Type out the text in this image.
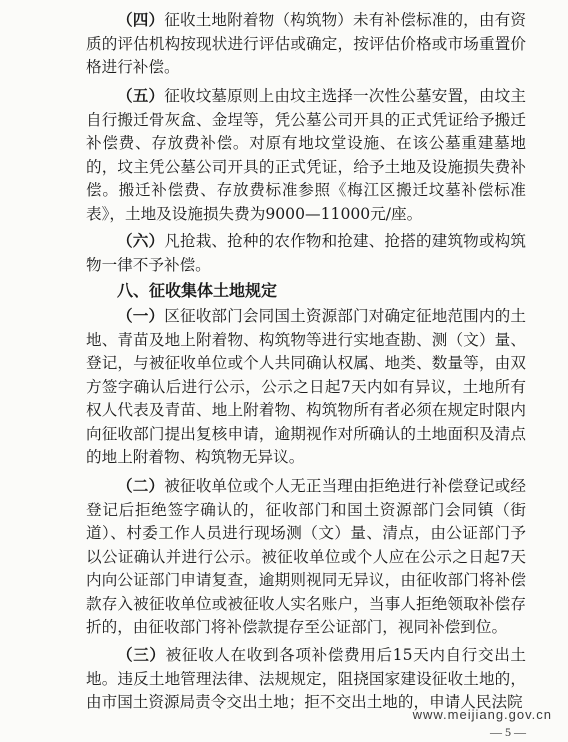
（四）征收土地附着物（构筑物）未有补偿标准的，由有资质的评估机构按现状进行评估或确定，按评估价格或市场重置价格进行补偿。

（五）征收坟墓原则上由坟主选择一次性公墓安置，由坟主自行搬迁骨灰盒、金埕等，凭公墓公司开具的正式凭证给予搬迁补偿费、存放费补偿。对原有地坟堂设施、在该公墓重建墓地的，坟主凭公墓公司开具的正式凭证，给予土地及设施损失费补偿。搬迁补偿费、存放费标准参照《梅江区搬迁坟墓补偿标准表》，土地及设施损失费为9000—11000元/座。

（六）凡抢栽、抢种的农作物和抢建、抢搭的建筑物或构筑物一律不予补偿。

八、征收集体土地规定

（一）区征收部门会同国土资源部门对确定征地范围内的土地、青苗及地上附着物、构筑物等进行实地查勘、测（文）量、登记，与被征收单位或个人共同确认权属、地类、数量等，由双方签字确认后进行公示，公示之日起7天内如有异议，土地所有权人代表及青苗、地上附着物、构筑物所有者必须在规定时限内向征收部门提出复核申请，逾期视作对所确认的土地面积及清点的地上附着物、构筑物无异议。

（二）被征收单位或个人无正当理由拒绝进行补偿登记或经登记后拒绝签字确认的，征收部门和国土资源部门会同镇（街道）、村委工作人员进行现场测（文）量、清点，由公证部门予以公证确认并进行公示。被征收单位或个人应在公示之日起7天内向公证部门申请复查，逾期则视同无异议，由征收部门将补偿款存入被征收单位或被征收人实名账户，当事人拒绝领取补偿存折的，由征收部门将补偿款提存至公证部门，视同补偿到位。

（三）被征收人在收到各项补偿费用后15天内自行交出土地。违反土地管理法律、法规规定，阻挠国家建设征收土地的，由市国土资源局责令交出土地；拒不交出土地的，申请人民法院

www.meijiang.gov.cn
— 5 —
